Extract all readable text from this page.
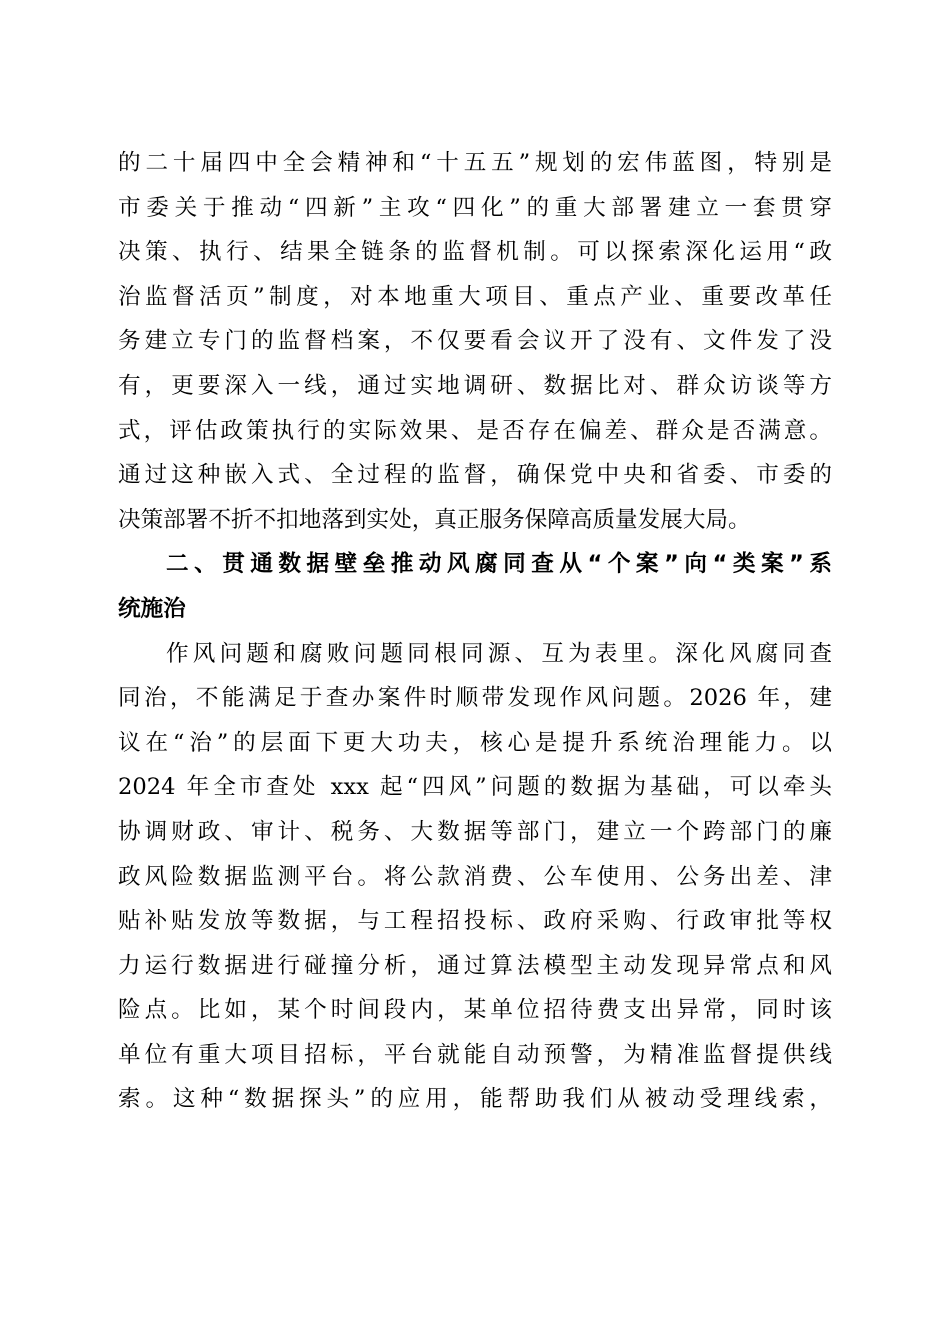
的二十届四中全会精神和“十五五”规划的宏伟蓝图，特别是
市委关于推动“四新”主攻“四化”的重大部署建立一套贯穿
决策、执行、结果全链条的监督机制。可以探索深化运用“政
治监督活页”制度，对本地重大项目、重点产业、重要改革任
务建立专门的监督档案，不仅要看会议开了没有、文件发了没
有，更要深入一线，通过实地调研、数据比对、群众访谈等方
式，评估政策执行的实际效果、是否存在偏差、群众是否满意。
通过这种嵌入式、全过程的监督，确保党中央和省委、市委的
决策部署不折不扣地落到实处，真正服务保障高质量发展大局。
二、贯通数据壁垒推动风腐同查从“个案”向“类案”系
统施治
作风问题和腐败问题同根同源、互为表里。深化风腐同查
同治，不能满足于查办案件时顺带发现作风问题。2026 年，建
议在“治”的层面下更大功夫，核心是提升系统治理能力。以
2024 年全市查处 xxx 起“四风”问题的数据为基础，可以牵头
协调财政、审计、税务、大数据等部门，建立一个跨部门的廉
政风险数据监测平台。将公款消费、公车使用、公务出差、津
贴补贴发放等数据，与工程招投标、政府采购、行政审批等权
力运行数据进行碰撞分析，通过算法模型主动发现异常点和风
险点。比如，某个时间段内，某单位招待费支出异常，同时该
单位有重大项目招标，平台就能自动预警，为精准监督提供线
索。这种“数据探头”的应用，能帮助我们从被动受理线索，
